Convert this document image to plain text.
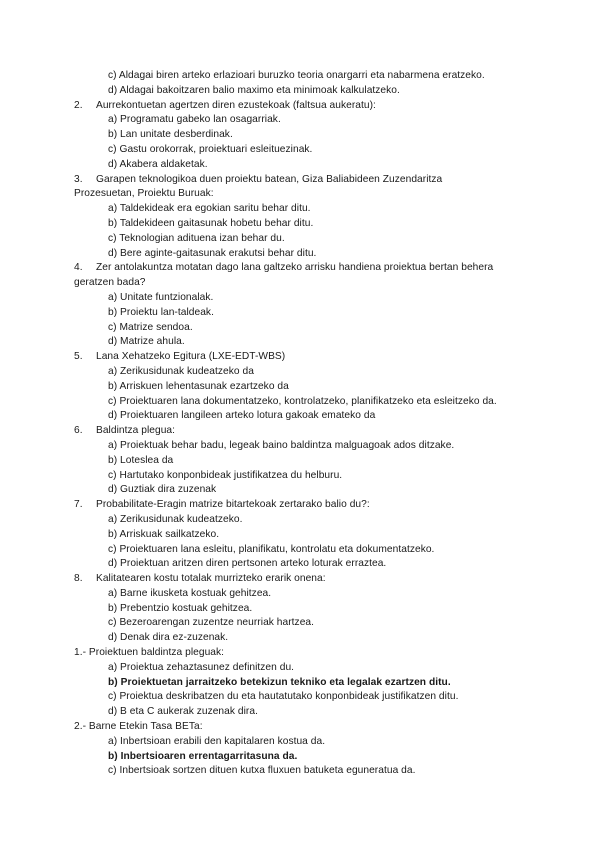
c) Aldagai biren arteko erlazioari buruzko teoria onargarri eta nabarmena eratzeko.
d) Aldagai bakoitzaren balio maximo eta minimoak kalkulatzeko.
2. Aurrekontuetan agertzen diren ezustekoak (faltsua aukeratu):
a) Programatu gabeko lan osagarriak.
b) Lan unitate desberdinak.
c) Gastu orokorrak, proiektuari esleituezinak.
d) Akabera aldaketak.
3. Garapen teknologikoa duen proiektu batean, Giza Baliabideen Zuzendaritza
Prozesuetan, Proiektu Buruak:
a) Taldekideak era egokian saritu behar ditu.
b) Taldekideen gaitasunak hobetu behar ditu.
c) Teknologian adituena izan behar du.
d) Bere aginte-gaitasunak erakutsi behar ditu.
4. Zer antolakuntza motatan dago lana galtzeko arrisku handiena proiektua bertan behera
geratzen bada?
a) Unitate funtzionalak.
b) Proiektu lan-taldeak.
c) Matrize sendoa.
d) Matrize ahula.
5. Lana Xehatzeko Egitura (LXE-EDT-WBS)
a) Zerikusidunak kudeatzeko da
b) Arriskuen lehentasunak ezartzeko da
c) Proiektuaren lana dokumentatzeko, kontrolatzeko, planifikatzeko eta esleitzeko da.
d) Proiektuaren langileen arteko lotura gakoak emateko da
6. Baldintza plegua:
a) Proiektuak behar badu, legeak baino baldintza malguagoak ados ditzake.
b) Loteslea da
c) Hartutako konponbideak justifikatzea du helburu.
d) Guztiak dira zuzenak
7. Probabilitate-Eragin matrize bitartekoak zertarako balio du?:
a) Zerikusidunak kudeatzeko.
b) Arriskuak sailkatzeko.
c) Proiektuaren lana esleitu, planifikatu, kontrolatu eta dokumentatzeko.
d) Proiektuan aritzen diren pertsonen arteko loturak erraztea.
8. Kalitatearen kostu totalak murrizteko erarik onena:
a) Barne ikusketa kostuak gehitzea.
b) Prebentzio kostuak gehitzea.
c) Bezeroarengan zuzentze neurriak hartzea.
d) Denak dira ez-zuzenak.
1.- Proiektuen baldintza pleguak:
a) Proiektua zehaztasunez definitzen du.
b) Proiektuetan jarraitzeko betekizun tekniko eta legalak ezartzen ditu.
c) Proiektua deskribatzen du eta hautatutako konponbideak justifikatzen ditu.
d) B eta C aukerak zuzenak dira.
2.- Barne Etekin Tasa BETa:
a) Inbertsioan erabili den kapitalaren kostua da.
b) Inbertsioaren errentagarritasuna da.
c) Inbertsioak sortzen dituen kutxa fluxuen batuketa eguneratua da.
